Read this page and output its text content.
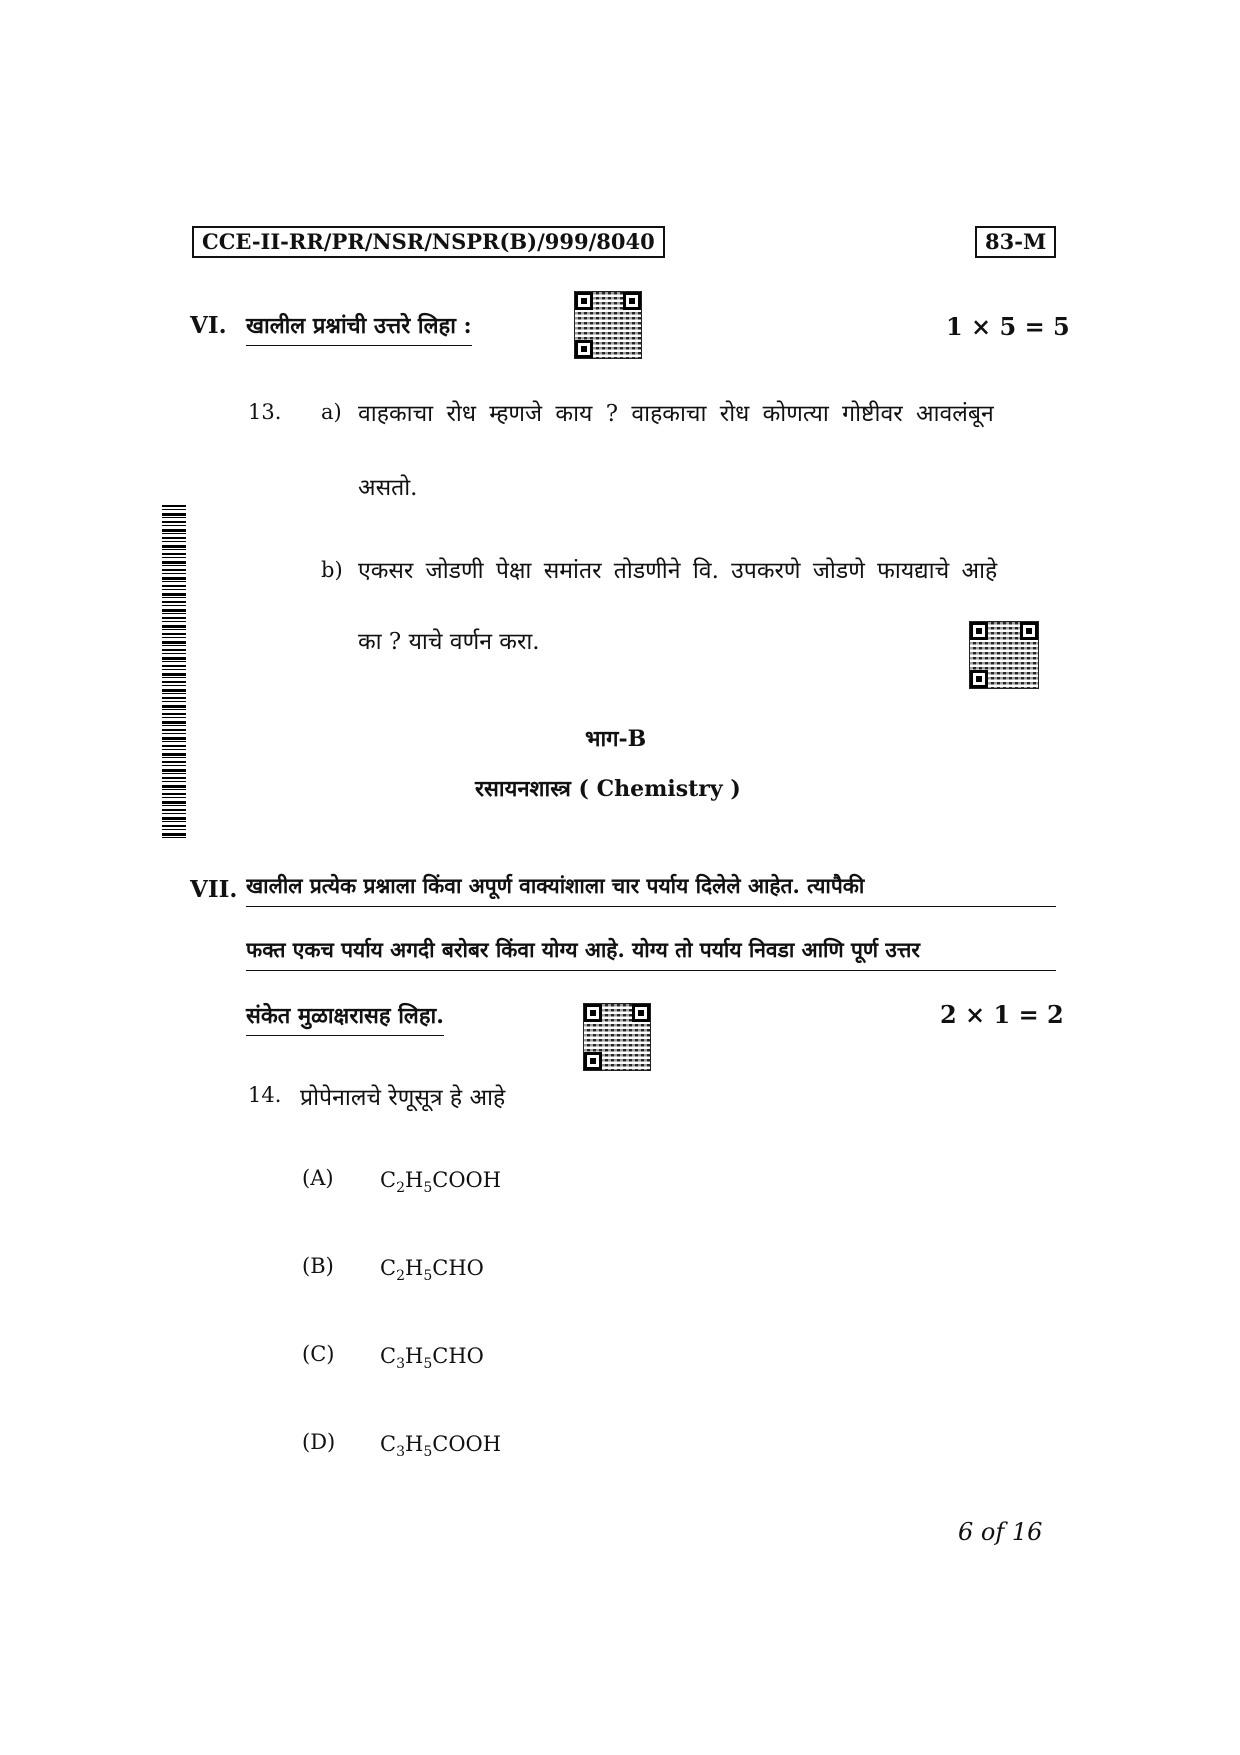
CCE-II-RR/PR/NSR/NSPR(B)/999/8040	83-M
VI. खालील प्रश्नांची उत्तरे लिहा :	1 × 5 = 5
13. a) वाहकाचा रोध म्हणजे काय ? वाहकाचा रोध कोणत्या गोष्टीवर आवलंबून
असतो.
b) एकसर जोडणी पेक्षा समांतर तोडणीने वि. उपकरणे जोडणे फायद्याचे आहे
का ? याचे वर्णन करा.
भाग-B
रसायनशास्त्र ( Chemistry )
VII. खालील प्रत्येक प्रश्नाला किंवा अपूर्ण वाक्यांशाला चार पर्याय दिलेले आहेत. त्यापैकी
फक्त एकच पर्याय अगदी बरोबर किंवा योग्य आहे. योग्य तो पर्याय निवडा आणि पूर्ण उत्तर
संकेत मुळाक्षरासह लिहा.	2 × 1 = 2
14. प्रोपेनालचे रेणूसूत्र हे आहे
(A) $C_2H_5COOH$
(B) $C_2H_5CHO$
(C) $C_3H_5CHO$
(D) $C_3H_5COOH$
6 of 16
